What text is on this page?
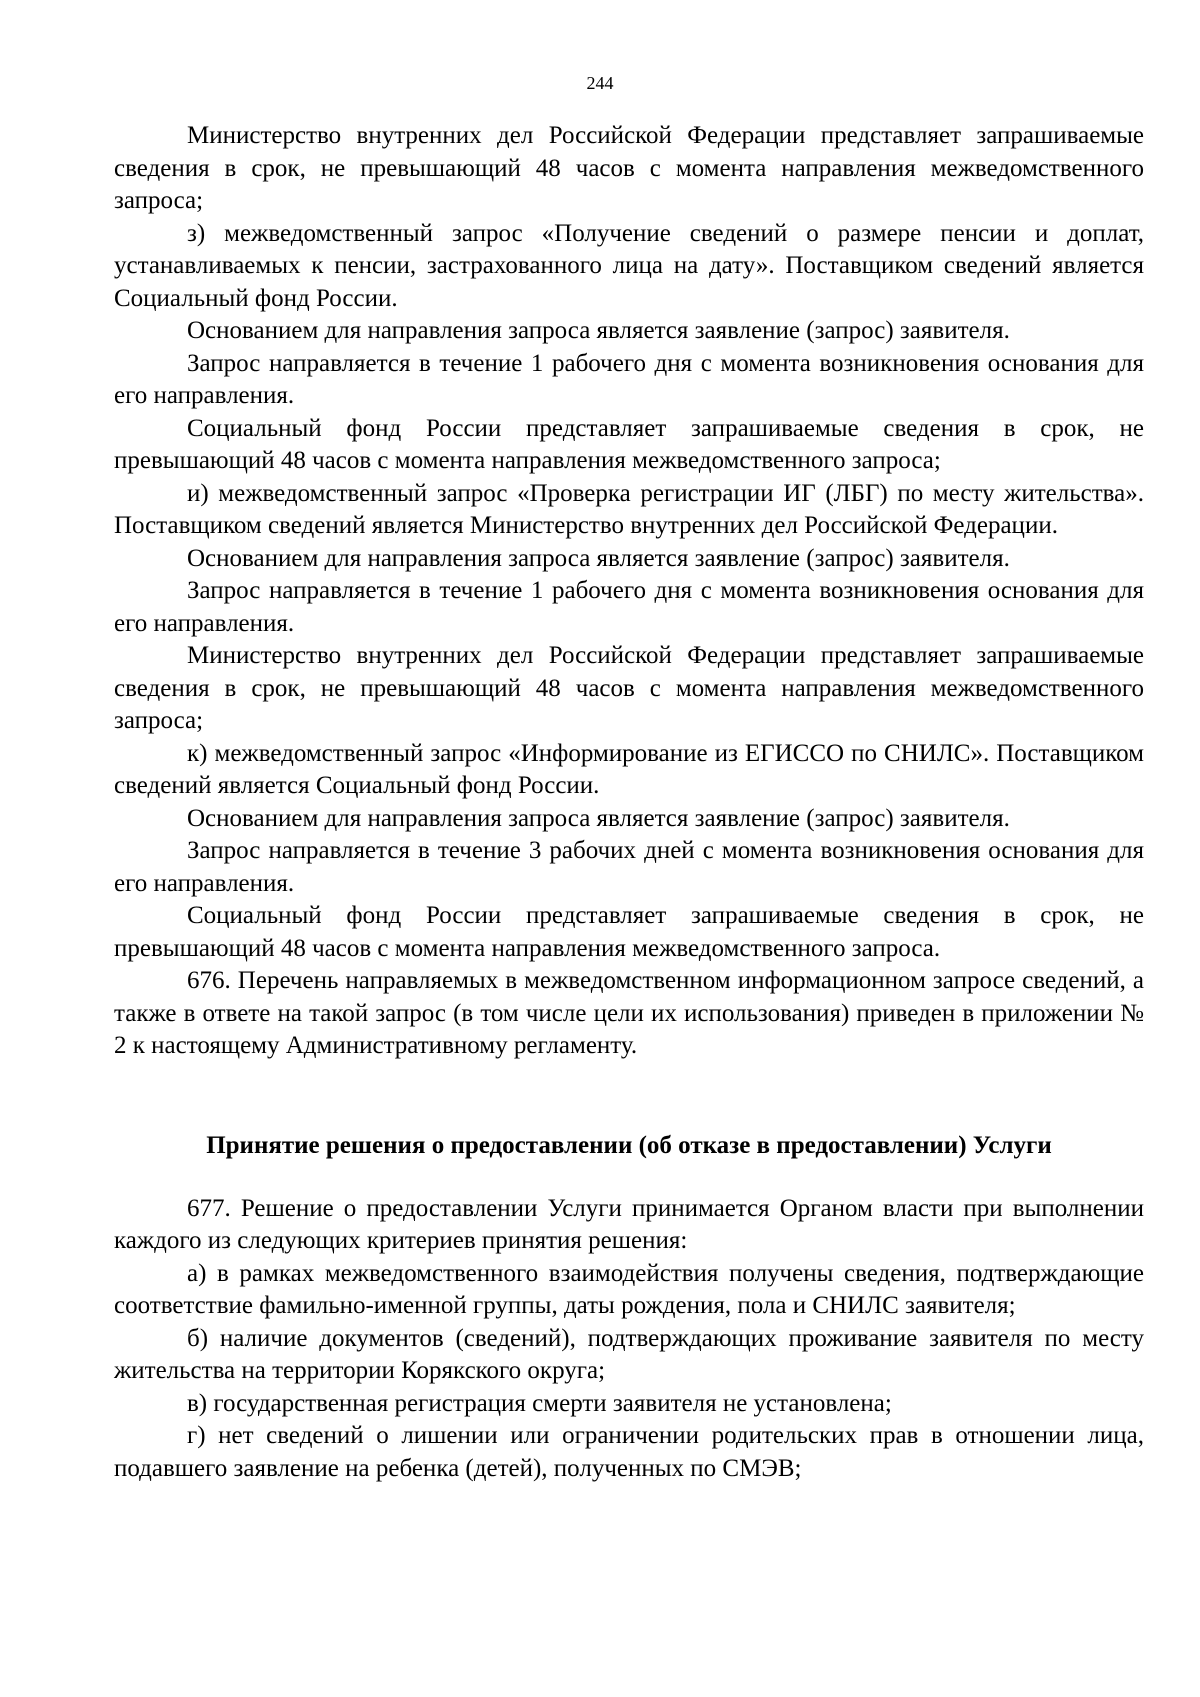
244

Министерство внутренних дел Российской Федерации представляет запрашиваемые сведения в срок, не превышающий 48 часов с момента направления межведомственного запроса;

з) межведомственный запрос «Получение сведений о размере пенсии и доплат, устанавливаемых к пенсии, застрахованного лица на дату». Поставщиком сведений является Социальный фонд России.

Основанием для направления запроса является заявление (запрос) заявителя.

Запрос направляется в течение 1 рабочего дня с момента возникновения основания для его направления.

Социальный фонд России представляет запрашиваемые сведения в срок, не превышающий 48 часов с момента направления межведомственного запроса;

и) межведомственный запрос «Проверка регистрации ИГ (ЛБГ) по месту жительства». Поставщиком сведений является Министерство внутренних дел Российской Федерации.

Основанием для направления запроса является заявление (запрос) заявителя.

Запрос направляется в течение 1 рабочего дня с момента возникновения основания для его направления.

Министерство внутренних дел Российской Федерации представляет запрашиваемые сведения в срок, не превышающий 48 часов с момента направления межведомственного запроса;

к) межведомственный запрос «Информирование из ЕГИССО по СНИЛС». Поставщиком сведений является Социальный фонд России.

Основанием для направления запроса является заявление (запрос) заявителя.

Запрос направляется в течение 3 рабочих дней с момента возникновения основания для его направления.

Социальный фонд России представляет запрашиваемые сведения в срок, не превышающий 48 часов с момента направления межведомственного запроса.

676. Перечень направляемых в межведомственном информационном запросе сведений, а также в ответе на такой запрос (в том числе цели их использования) приведен в приложении № 2 к настоящему Административному регламенту.

Принятие решения о предоставлении (об отказе в предоставлении) Услуги

677. Решение о предоставлении Услуги принимается Органом власти при выполнении каждого из следующих критериев принятия решения:

а) в рамках межведомственного взаимодействия получены сведения, подтверждающие соответствие фамильно-именной группы, даты рождения, пола и СНИЛС заявителя;

б) наличие документов (сведений), подтверждающих проживание заявителя по месту жительства на территории Корякского округа;

в) государственная регистрация смерти заявителя не установлена;

г) нет сведений о лишении или ограничении родительских прав в отношении лица, подавшего заявление на ребенка (детей), полученных по СМЭВ;
